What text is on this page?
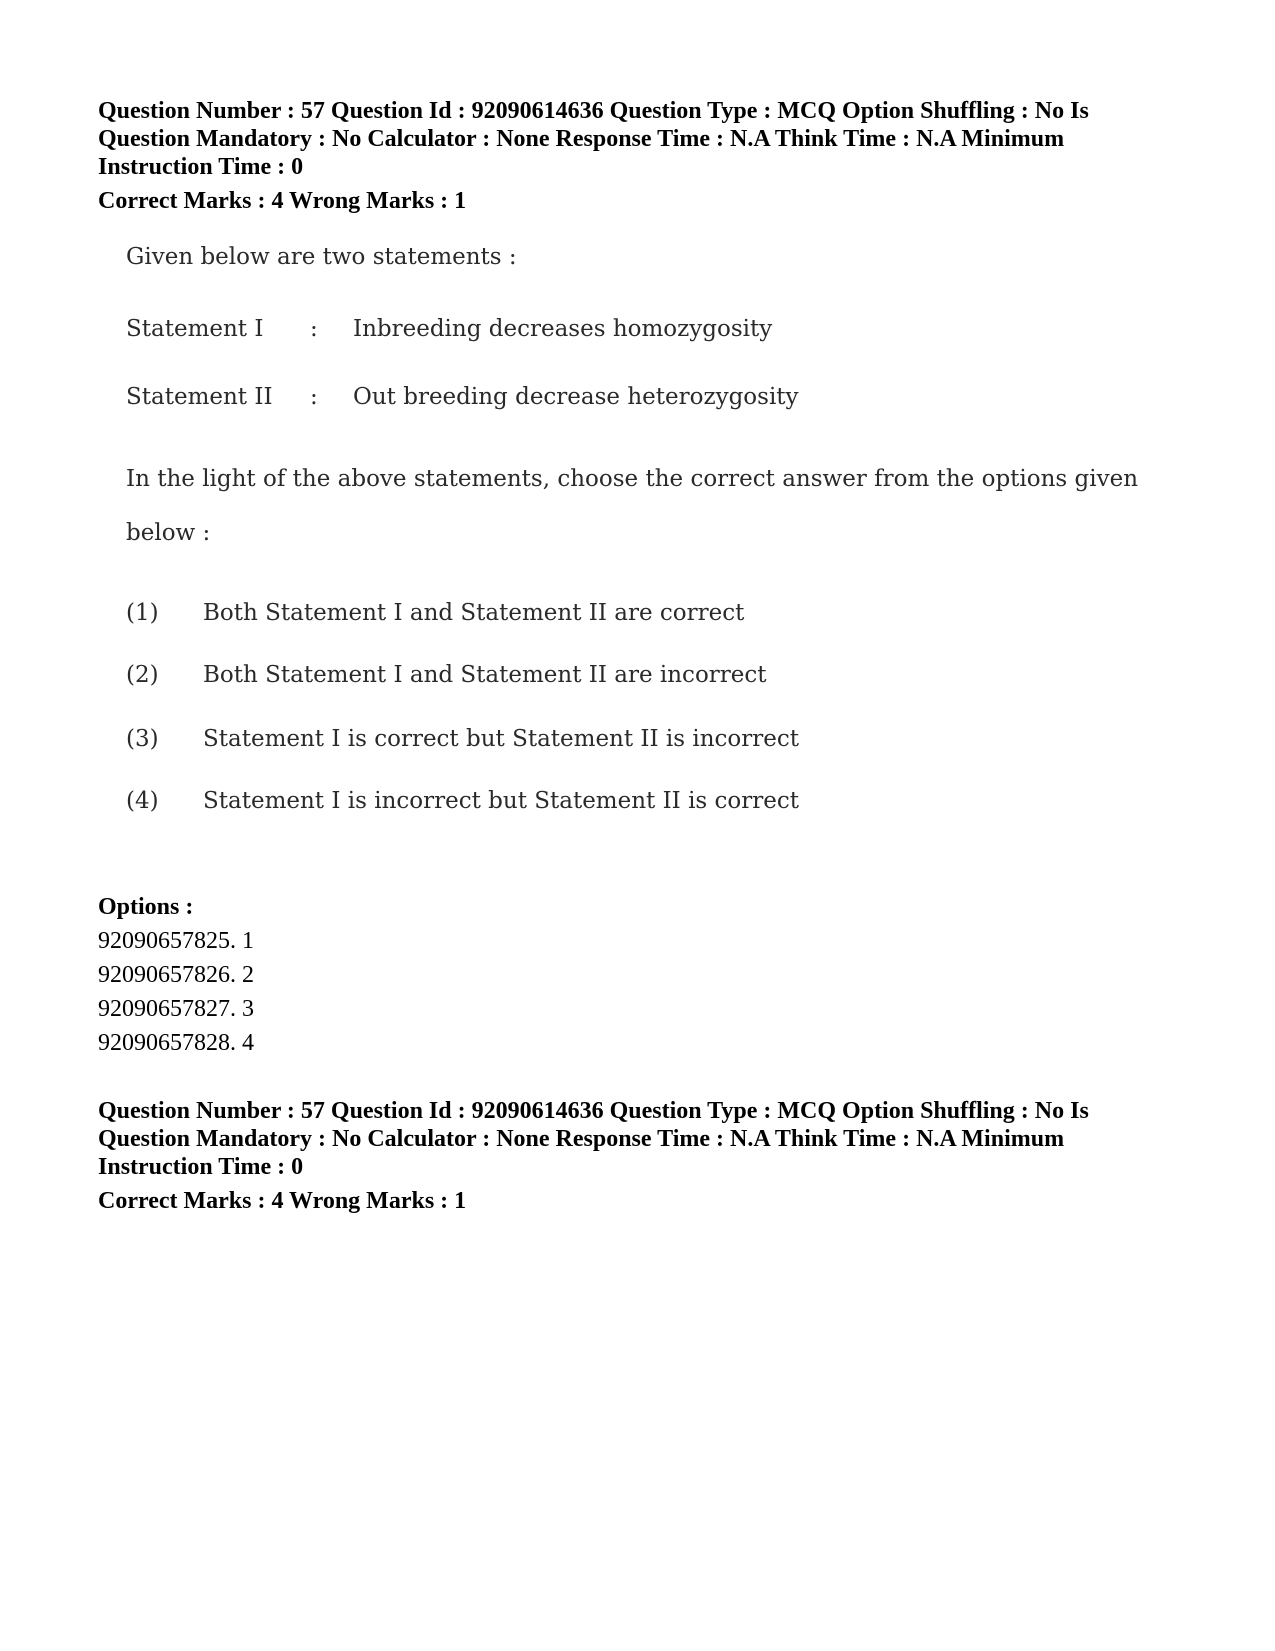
Question Number : 57 Question Id : 92090614636 Question Type : MCQ Option Shuffling : No Is Question Mandatory : No Calculator : None Response Time : N.A Think Time : N.A Minimum Instruction Time : 0
Correct Marks : 4 Wrong Marks : 1
Given below are two statements :
Statement I : Inbreeding decreases homozygosity
Statement II : Out breeding decrease heterozygosity
In the light of the above statements, choose the correct answer from the options given
below :
(1) Both Statement I and Statement II are correct
(2) Both Statement I and Statement II are incorrect
(3) Statement I is correct but Statement II is incorrect
(4) Statement I is incorrect but Statement II is correct
Options :
92090657825. 1
92090657826. 2
92090657827. 3
92090657828. 4
Question Number : 57 Question Id : 92090614636 Question Type : MCQ Option Shuffling : No Is Question Mandatory : No Calculator : None Response Time : N.A Think Time : N.A Minimum Instruction Time : 0
Correct Marks : 4 Wrong Marks : 1
